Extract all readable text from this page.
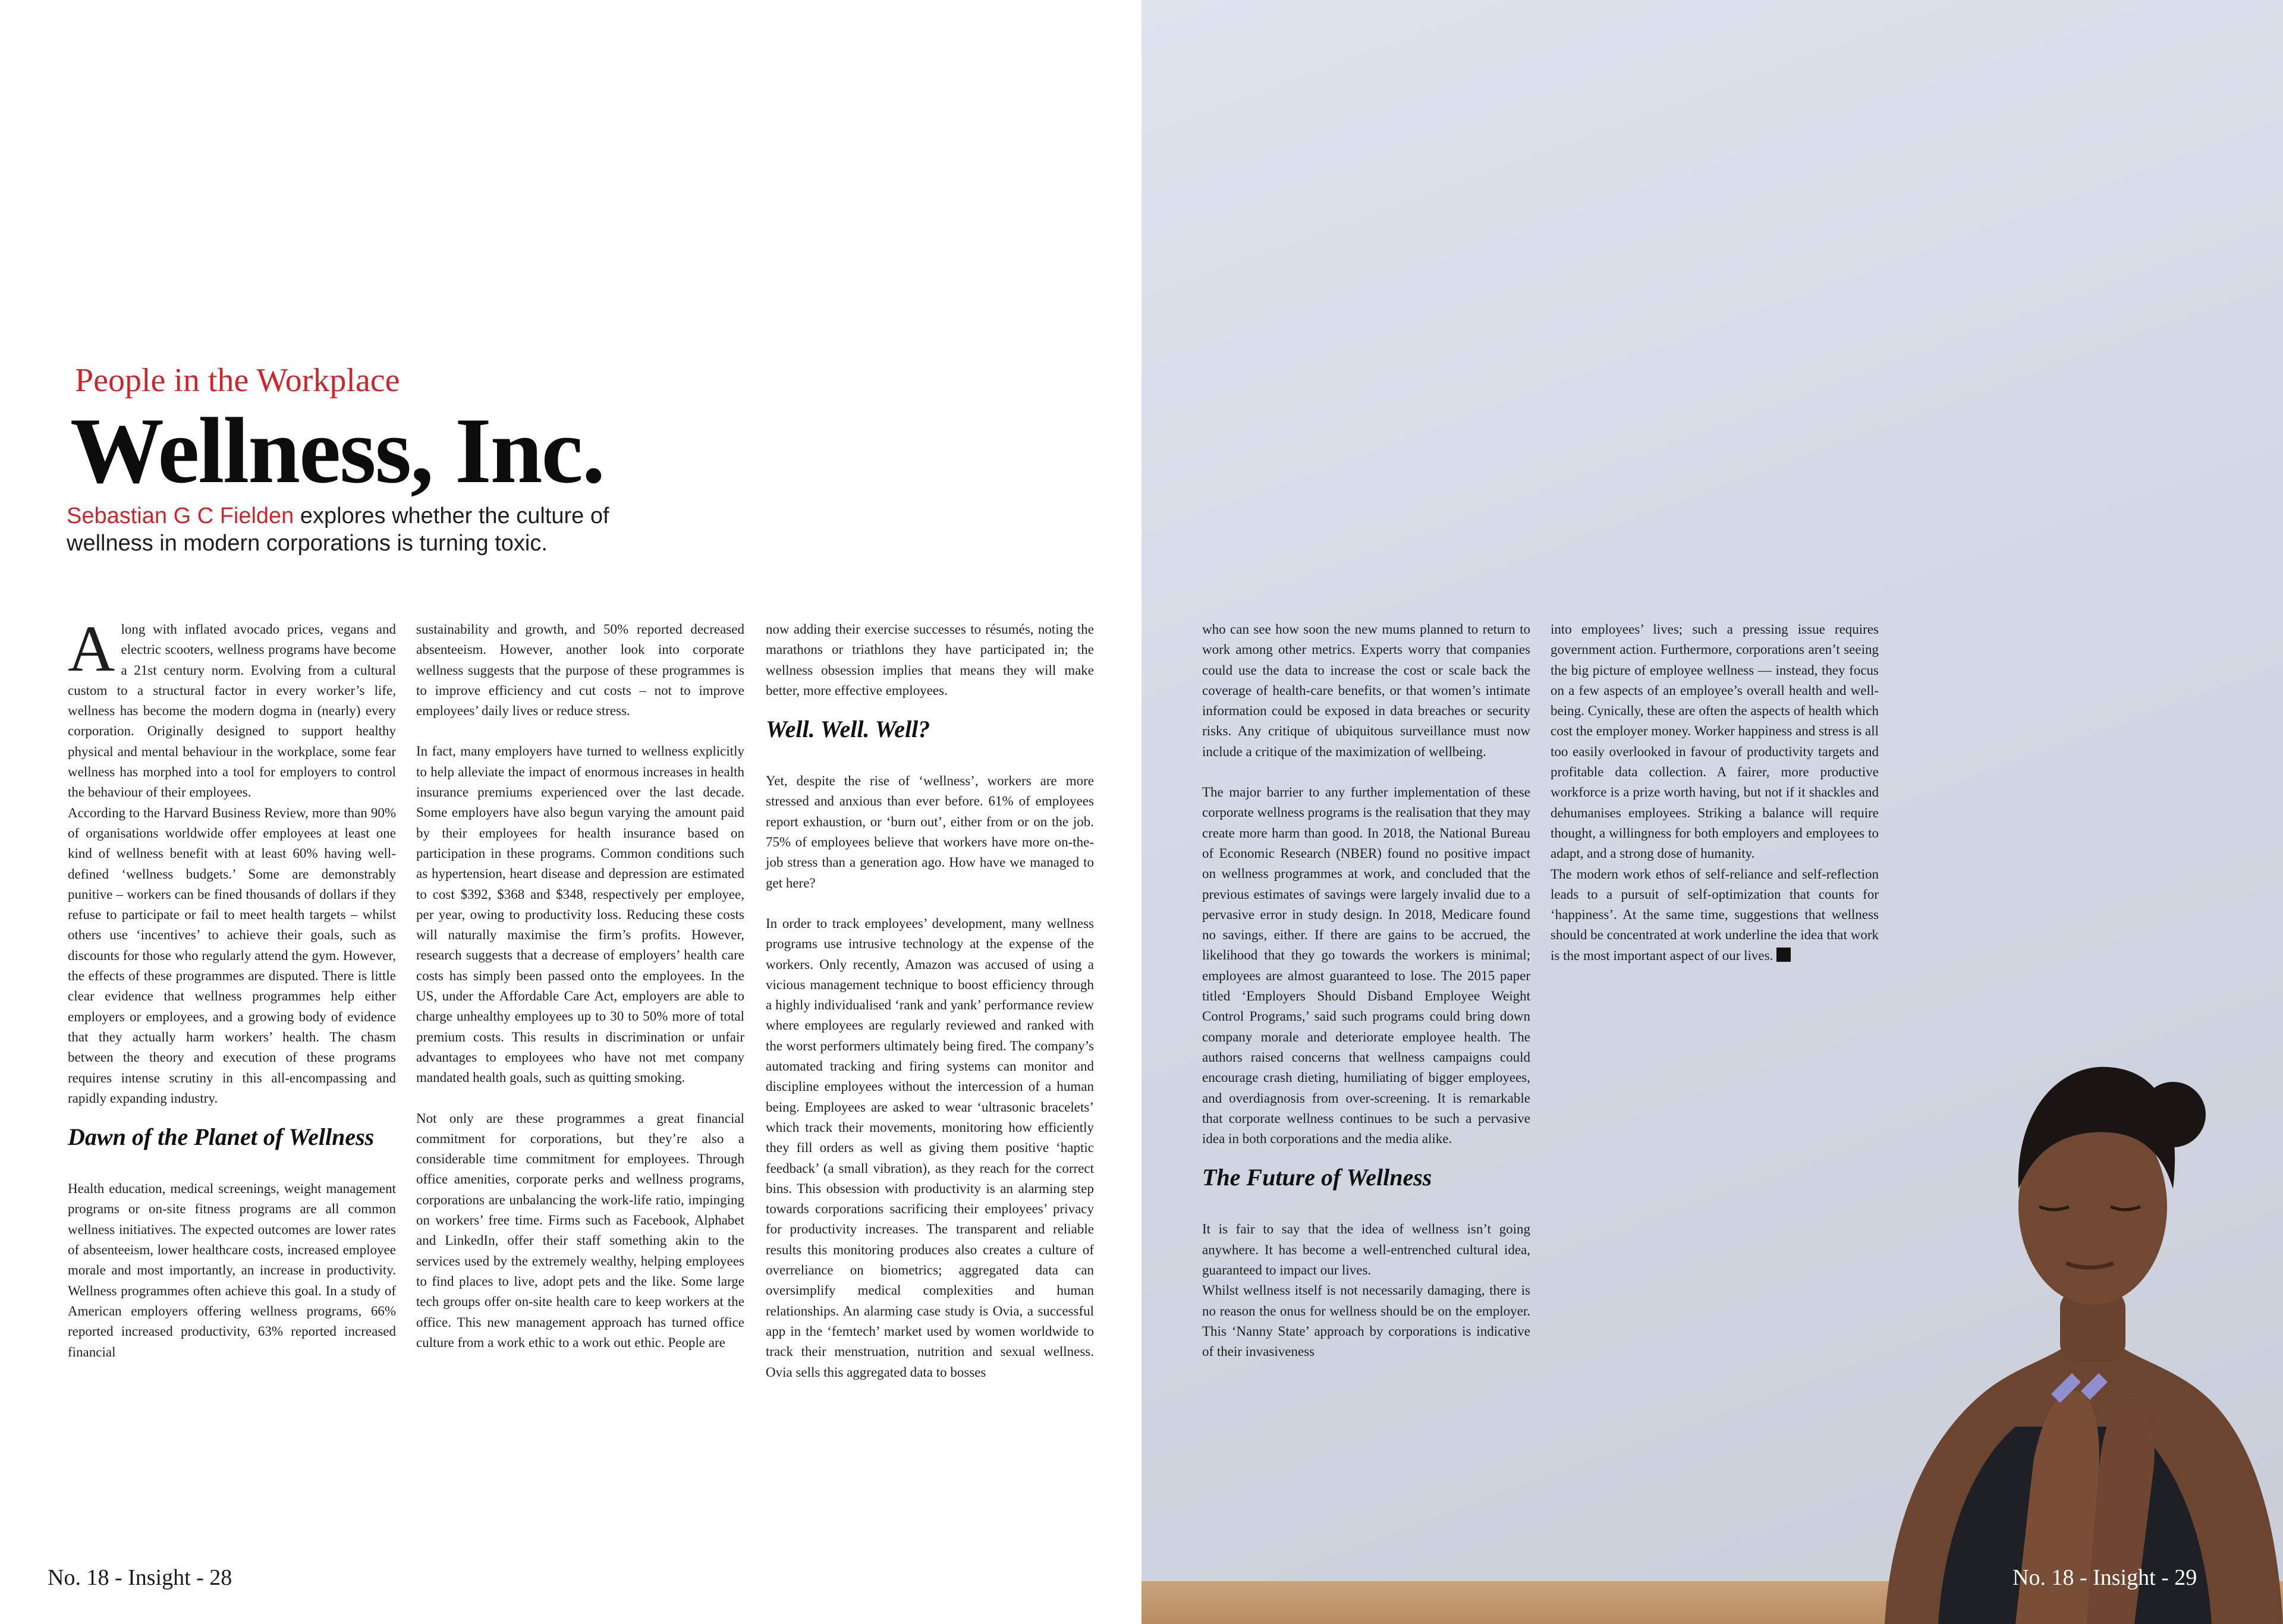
People in the Workplace
Wellness, Inc.
Sebastian G C Fielden explores whether the culture of wellness in modern corporations is turning toxic.

Along with inflated avocado prices, vegans and electric scooters, wellness programs have become a 21st century norm. Evolving from a cultural custom to a structural factor in every worker’s life, wellness has become the modern dogma in (nearly) every corporation. Originally designed to support healthy physical and mental behaviour in the workplace, some fear wellness has morphed into a tool for employers to control the behaviour of their employees.

According to the Harvard Business Review, more than 90% of organisations worldwide offer employees at least one kind of wellness benefit with at least 60% having well-defined ‘wellness budgets.’ Some are demonstrably punitive – workers can be fined thousands of dollars if they refuse to participate or fail to meet health targets – whilst others use ‘incentives’ to achieve their goals, such as discounts for those who regularly attend the gym. However, the effects of these programmes are disputed. There is little clear evidence that wellness programmes help either employers or employees, and a growing body of evidence that they actually harm workers’ health. The chasm between the theory and execution of these programs requires intense scrutiny in this all-encompassing and rapidly expanding industry.

Dawn of the Planet of Wellness

Health education, medical screenings, weight management programs or on-site fitness programs are all common wellness initiatives. The expected outcomes are lower rates of absenteeism, lower healthcare costs, increased employee morale and most importantly, an increase in productivity. Wellness programmes often achieve this goal. In a study of American employers offering wellness programs, 66% reported increased productivity, 63% reported increased financial

sustainability and growth, and 50% reported decreased absenteeism. However, another look into corporate wellness suggests that the purpose of these programmes is to improve efficiency and cut costs – not to improve employees’ daily lives or reduce stress.

In fact, many employers have turned to wellness explicitly to help alleviate the impact of enormous increases in health insurance premiums experienced over the last decade. Some employers have also begun varying the amount paid by their employees for health insurance based on participation in these programs. Common conditions such as hypertension, heart disease and depression are estimated to cost $392, $368 and $348, respectively per employee, per year, owing to productivity loss. Reducing these costs will naturally maximise the firm’s profits. However, research suggests that a decrease of employers’ health care costs has simply been passed onto the employees. In the US, under the Affordable Care Act, employers are able to charge unhealthy employees up to 30 to 50% more of total premium costs. This results in discrimination or unfair advantages to employees who have not met company mandated health goals, such as quitting smoking.

Not only are these programmes a great financial commitment for corporations, but they’re also a considerable time commitment for employees. Through office amenities, corporate perks and wellness programs, corporations are unbalancing the work-life ratio, impinging on workers’ free time. Firms such as Facebook, Alphabet and LinkedIn, offer their staff something akin to the services used by the extremely wealthy, helping employees to find places to live, adopt pets and the like. Some large tech groups offer on-site health care to keep workers at the office. This new management approach has turned office culture from a work ethic to a work out ethic. People are

now adding their exercise successes to résumés, noting the marathons or triathlons they have participated in; the wellness obsession implies that means they will make better, more effective employees.

Well. Well. Well?

Yet, despite the rise of ‘wellness’, workers are more stressed and anxious than ever before. 61% of employees report exhaustion, or ‘burn out’, either from or on the job. 75% of employees believe that workers have more on-the-job stress than a generation ago. How have we managed to get here?

In order to track employees’ development, many wellness programs use intrusive technology at the expense of the workers. Only recently, Amazon was accused of using a vicious management technique to boost efficiency through a highly individualised ‘rank and yank’ performance review where employees are regularly reviewed and ranked with the worst performers ultimately being fired. The company’s automated tracking and firing systems can monitor and discipline employees without the intercession of a human being. Employees are asked to wear ‘ultrasonic bracelets’ which track their movements, monitoring how efficiently they fill orders as well as giving them positive ‘haptic feedback’ (a small vibration), as they reach for the correct bins. This obsession with productivity is an alarming step towards corporations sacrificing their employees’ privacy for productivity increases. The transparent and reliable results this monitoring produces also creates a culture of overreliance on biometrics; aggregated data can oversimplify medical complexities and human relationships. An alarming case study is Ovia, a successful app in the ‘femtech’ market used by women worldwide to track their menstruation, nutrition and sexual wellness. Ovia sells this aggregated data to bosses

No. 18 - Insight - 28

who can see how soon the new mums planned to return to work among other metrics. Experts worry that companies could use the data to increase the cost or scale back the coverage of health-care benefits, or that women’s intimate information could be exposed in data breaches or security risks. Any critique of ubiquitous surveillance must now include a critique of the maximization of wellbeing.

The major barrier to any further implementation of these corporate wellness programs is the realisation that they may create more harm than good. In 2018, the National Bureau of Economic Research (NBER) found no positive impact on wellness programmes at work, and concluded that the previous estimates of savings were largely invalid due to a pervasive error in study design. In 2018, Medicare found no savings, either. If there are gains to be accrued, the likelihood that they go towards the workers is minimal; employees are almost guaranteed to lose. The 2015 paper titled ‘Employers Should Disband Employee Weight Control Programs,’ said such programs could bring down company morale and deteriorate employee health. The authors raised concerns that wellness campaigns could encourage crash dieting, humiliating of bigger employees, and overdiagnosis from over-screening. It is remarkable that corporate wellness continues to be such a pervasive idea in both corporations and the media alike.

The Future of Wellness

It is fair to say that the idea of wellness isn’t going anywhere. It has become a well-entrenched cultural idea, guaranteed to impact our lives.

Whilst wellness itself is not necessarily damaging, there is no reason the onus for wellness should be on the employer. This ‘Nanny State’ approach by corporations is indicative of their invasiveness

into employees’ lives; such a pressing issue requires government action. Furthermore, corporations aren’t seeing the big picture of employee wellness — instead, they focus on a few aspects of an employee’s overall health and well-being. Cynically, these are often the aspects of health which cost the employer money. Worker happiness and stress is all too easily overlooked in favour of productivity targets and profitable data collection. A fairer, more productive workforce is a prize worth having, but not if it shackles and dehumanises employees. Striking a balance will require thought, a willingness for both employers and employees to adapt, and a strong dose of humanity.

The modern work ethos of self-reliance and self-reflection leads to a pursuit of self-optimization that counts for ‘happiness’. At the same time, suggestions that wellness should be concentrated at work underline the idea that work is the most important aspect of our lives.

No. 18 - Insight - 29
